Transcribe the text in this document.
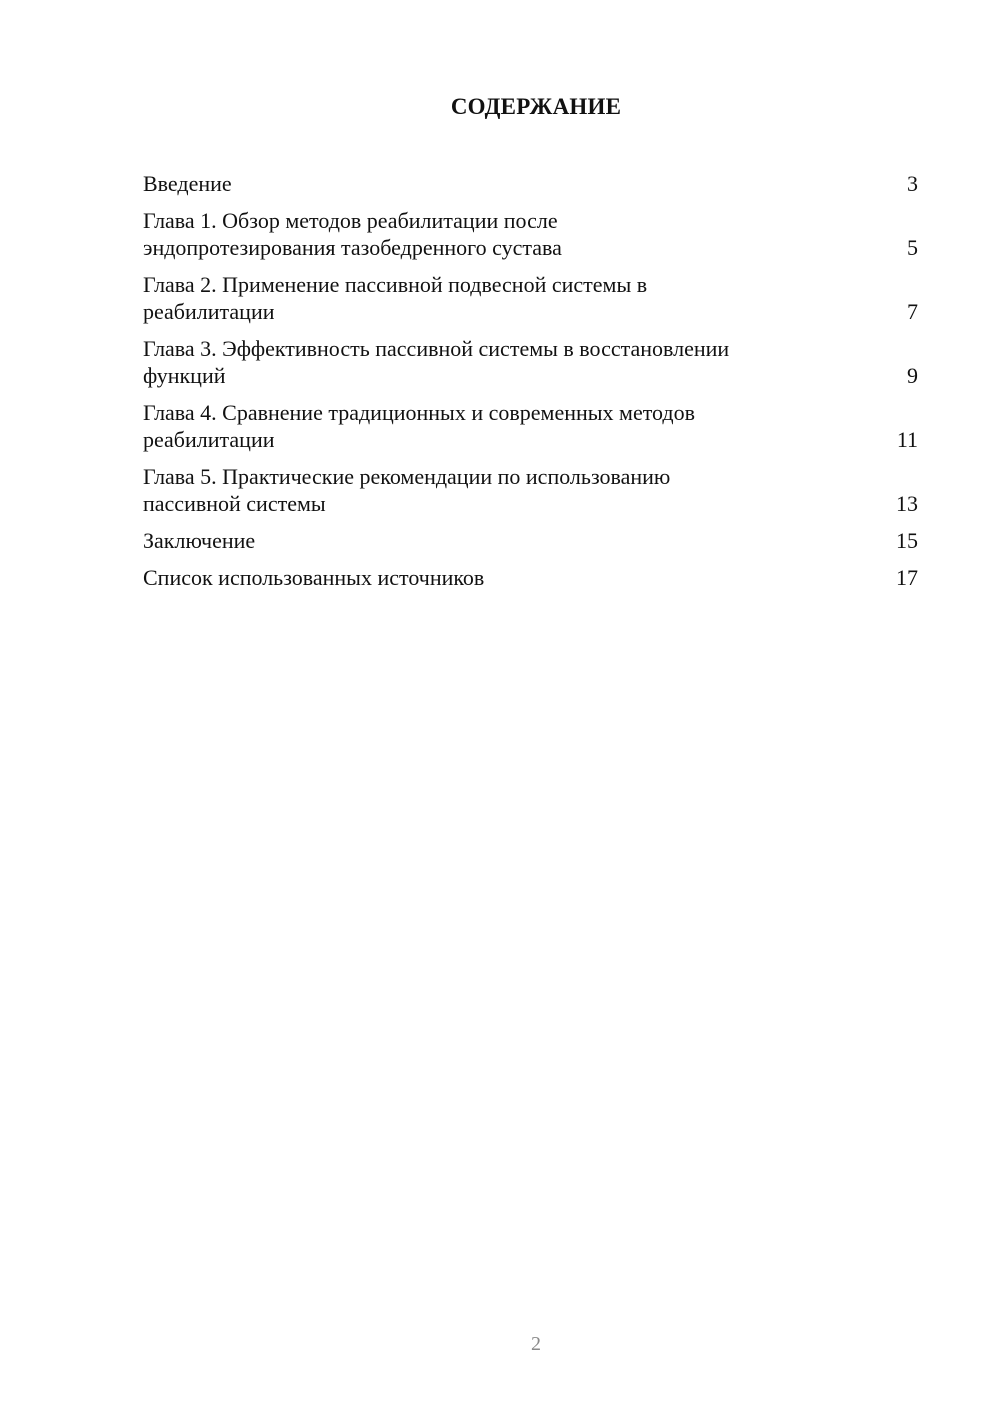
СОДЕРЖАНИЕ
Введение	3
Глава 1. Обзор методов реабилитации после
эндопротезирования тазобедренного сустава	5
Глава 2. Применение пассивной подвесной системы в
реабилитации	7
Глава 3. Эффективность пассивной системы в восстановлении
функций	9
Глава 4. Сравнение традиционных и современных методов
реабилитации	11
Глава 5. Практические рекомендации по использованию
пассивной системы	13
Заключение	15
Список использованных источников	17
2
